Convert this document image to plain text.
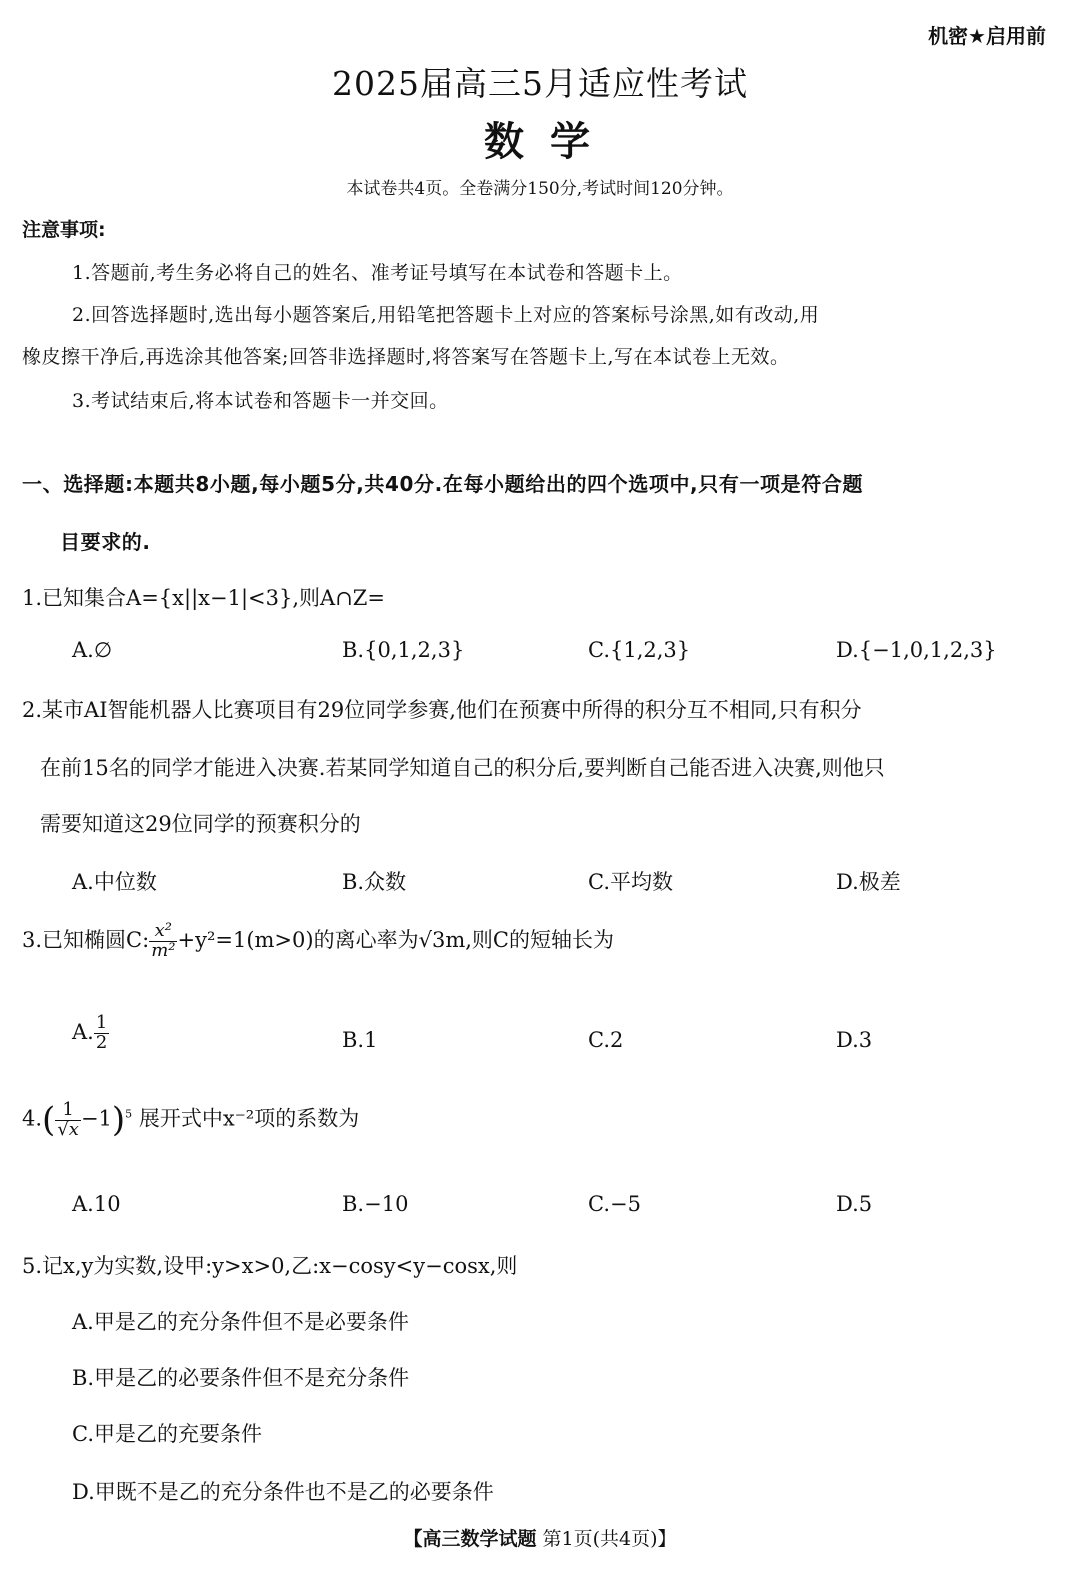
机密★启用前
2025届高三5月适应性考试
数 学
本试卷共4页。全卷满分150分,考试时间120分钟。
注意事项:
1.答题前,考生务必将自己的姓名、准考证号填写在本试卷和答题卡上。
2.回答选择题时,选出每小题答案后,用铅笔把答题卡上对应的答案标号涂黑,如有改动,用
橡皮擦干净后,再选涂其他答案;回答非选择题时,将答案写在答题卡上,写在本试卷上无效。
3.考试结束后,将本试卷和答题卡一并交回。
一、选择题:本题共8小题,每小题5分,共40分.在每小题给出的四个选项中,只有一项是符合题
目要求的.
1.已知集合A={x||x−1|<3},则A∩Z=
A.∅	B.{0,1,2,3}	C.{1,2,3}	D.{−1,0,1,2,3}
2.某市AI智能机器人比赛项目有29位同学参赛,他们在预赛中所得的积分互不相同,只有积分
在前15名的同学才能进入决赛.若某同学知道自己的积分后,要判断自己能否进入决赛,则他只
需要知道这29位同学的预赛积分的
A.中位数	B.众数	C.平均数	D.极差
3.已知椭圆C: $\frac{\text{x²}}{\text{m²}} +y^2=1(m>0)$的离心率为√3m,则C的短轴长为
A. $\frac{1}{2}$	B.1	C.2	D.3
$4.( \frac{1}{√x} -1)^5$ 展开式中x⁻²项的系数为
A.10	B.−10	C.−5	D.5
5.记x,y为实数,设甲:y>x>0,乙:x−cosy<y−cosx,则
A.甲是乙的充分条件但不是必要条件
B.甲是乙的必要条件但不是充分条件
C.甲是乙的充要条件
D.甲既不是乙的充分条件也不是乙的必要条件
【高三数学试题 第1页(共4页)】
